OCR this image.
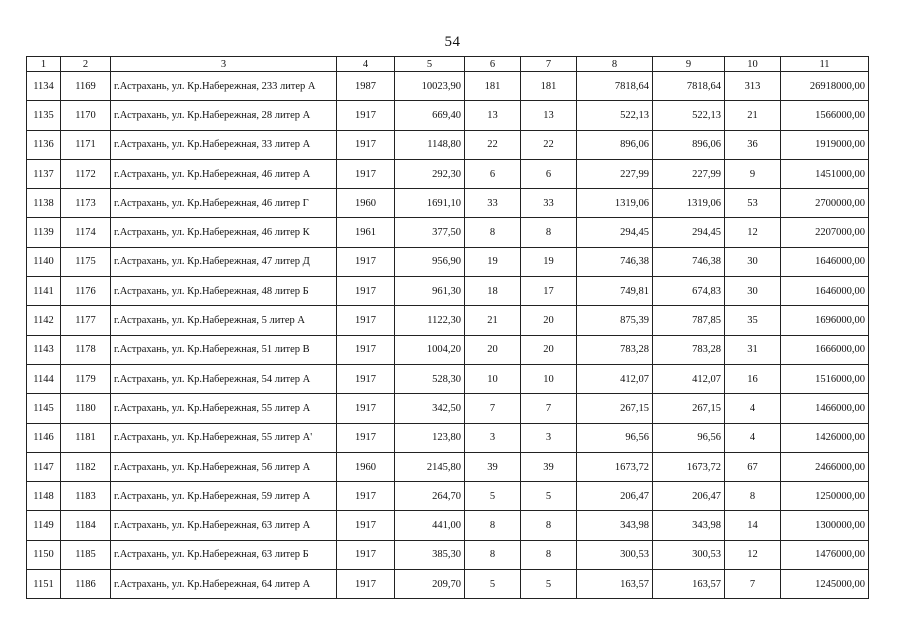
54
1	2	3	4	5	6	7	8	9	10	11
1134	1169	г.Астрахань, ул. Кр.Набережная, 233 литер А	1987	10023,90	181	181	7818,64	7818,64	313	26918000,00
1135	1170	г.Астрахань, ул. Кр.Набережная, 28 литер А	1917	669,40	13	13	522,13	522,13	21	1566000,00
1136	1171	г.Астрахань, ул. Кр.Набережная, 33 литер А	1917	1148,80	22	22	896,06	896,06	36	1919000,00
1137	1172	г.Астрахань, ул. Кр.Набережная, 46 литер А	1917	292,30	6	6	227,99	227,99	9	1451000,00
1138	1173	г.Астрахань, ул. Кр.Набережная, 46 литер Г	1960	1691,10	33	33	1319,06	1319,06	53	2700000,00
1139	1174	г.Астрахань, ул. Кр.Набережная, 46 литер К	1961	377,50	8	8	294,45	294,45	12	2207000,00
1140	1175	г.Астрахань, ул. Кр.Набережная, 47 литер Д	1917	956,90	19	19	746,38	746,38	30	1646000,00
1141	1176	г.Астрахань, ул. Кр.Набережная, 48 литер Б	1917	961,30	18	17	749,81	674,83	30	1646000,00
1142	1177	г.Астрахань, ул. Кр.Набережная, 5 литер А	1917	1122,30	21	20	875,39	787,85	35	1696000,00
1143	1178	г.Астрахань, ул. Кр.Набережная, 51 литер В	1917	1004,20	20	20	783,28	783,28	31	1666000,00
1144	1179	г.Астрахань, ул. Кр.Набережная, 54 литер А	1917	528,30	10	10	412,07	412,07	16	1516000,00
1145	1180	г.Астрахань, ул. Кр.Набережная, 55 литер А	1917	342,50	7	7	267,15	267,15	4	1466000,00
1146	1181	г.Астрахань, ул. Кр.Набережная, 55 литер А'	1917	123,80	3	3	96,56	96,56	4	1426000,00
1147	1182	г.Астрахань, ул. Кр.Набережная, 56 литер А	1960	2145,80	39	39	1673,72	1673,72	67	2466000,00
1148	1183	г.Астрахань, ул. Кр.Набережная, 59 литер А	1917	264,70	5	5	206,47	206,47	8	1250000,00
1149	1184	г.Астрахань, ул. Кр.Набережная, 63 литер А	1917	441,00	8	8	343,98	343,98	14	1300000,00
1150	1185	г.Астрахань, ул. Кр.Набережная, 63 литер Б	1917	385,30	8	8	300,53	300,53	12	1476000,00
1151	1186	г.Астрахань, ул. Кр.Набережная, 64 литер А	1917	209,70	5	5	163,57	163,57	7	1245000,00
